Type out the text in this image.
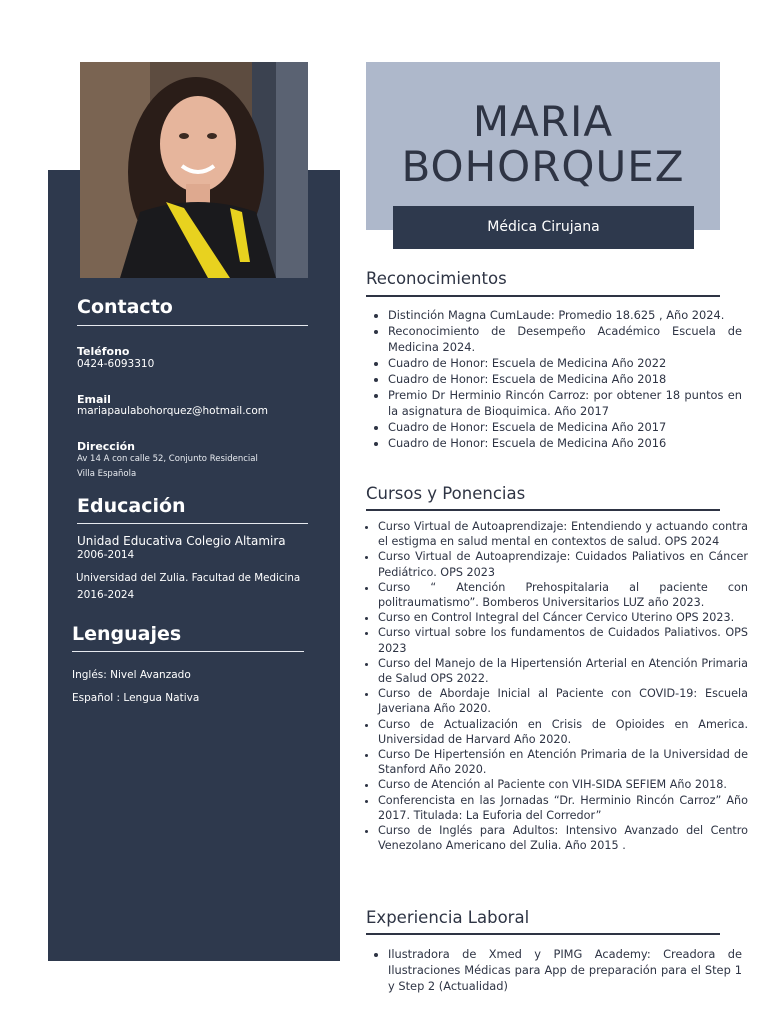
Contacto
Teléfono
0424-6093310
Email
mariapaulabohorquez@hotmail.com
Dirección
Av 14 A con calle 52, Conjunto Residencial
Villa Española
Educación
Unidad Educativa Colegio Altamira
2006-2014
Universidad del Zulia. Facultad de Medicina
2016-2024
Lenguajes
Inglés: Nivel Avanzado
Español : Lengua Nativa
MARIA
BOHORQUEZ
Médica Cirujana
Reconocimientos
• Distinción Magna CumLaude: Promedio 18.625 , Año 2024.
• Reconocimiento de Desempeño Académico Escuela de Medicina 2024.
• Cuadro de Honor: Escuela de Medicina Año 2022
• Cuadro de Honor: Escuela de Medicina Año 2018
• Premio Dr Herminio Rincón Carroz: por obtener 18 puntos en la asignatura de Bioquimica. Año 2017
• Cuadro de Honor: Escuela de Medicina Año 2017
• Cuadro de Honor: Escuela de Medicina Año 2016
Cursos y Ponencias
• Curso Virtual de Autoaprendizaje: Entendiendo y actuando contra el estigma en salud mental en contextos de salud. OPS 2024
• Curso Virtual de Autoaprendizaje: Cuidados Paliativos en Cáncer Pediátrico. OPS 2023
• Curso “ Atención Prehospitalaria al paciente con politraumatismo”. Bomberos Universitarios LUZ año 2023.
• Curso en Control Integral del Cáncer Cervico Uterino OPS 2023.
• Curso virtual sobre los fundamentos de Cuidados Paliativos. OPS 2023
• Curso del Manejo de la Hipertensión Arterial en Atención Primaria de Salud OPS 2022.
• Curso de Abordaje Inicial al Paciente con COVID-19: Escuela Javeriana Año 2020.
• Curso de Actualización en Crisis de Opioides en America. Universidad de Harvard Año 2020.
• Curso De Hipertensión en Atención Primaria de la Universidad de Stanford Año 2020.
• Curso de Atención al Paciente con VIH-SIDA SEFIEM Año 2018.
• Conferencista en las Jornadas “Dr. Herminio Rincón Carroz” Año 2017. Titulada: La Euforia del Corredor”
• Curso de Inglés para Adultos: Intensivo Avanzado del Centro Venezolano Americano del Zulia. Año 2015 .
Experiencia Laboral
• Ilustradora de Xmed y PIMG Academy: Creadora de Ilustraciones Médicas para App de preparación para el Step 1 y Step 2 (Actualidad)
